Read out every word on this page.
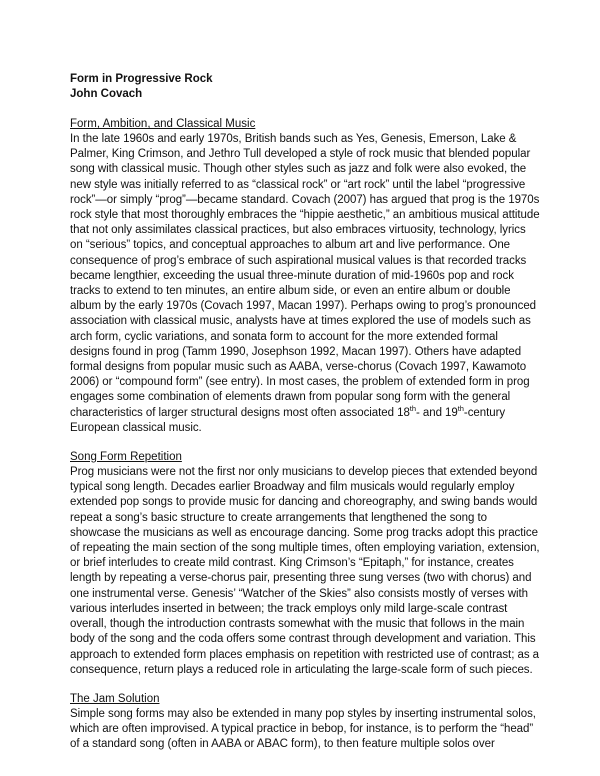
Form in Progressive Rock

John Covach

Form, Ambition, and Classical Music

In the late 1960s and early 1970s, British bands such as Yes, Genesis, Emerson, Lake & Palmer, King Crimson, and Jethro Tull developed a style of rock music that blended popular song with classical music. Though other styles such as jazz and folk were also evoked, the new style was initially referred to as “classical rock” or “art rock” until the label “progressive rock”—or simply “prog”—became standard. Covach (2007) has argued that prog is the 1970s rock style that most thoroughly embraces the “hippie aesthetic,” an ambitious musical attitude that not only assimilates classical practices, but also embraces virtuosity, technology, lyrics on “serious” topics, and conceptual approaches to album art and live performance. One consequence of prog’s embrace of such aspirational musical values is that recorded tracks became lengthier, exceeding the usual three-minute duration of mid-1960s pop and rock tracks to extend to ten minutes, an entire album side, or even an entire album or double album by the early 1970s (Covach 1997, Macan 1997). Perhaps owing to prog’s pronounced association with classical music, analysts have at times explored the use of models such as arch form, cyclic variations, and sonata form to account for the more extended formal designs found in prog (Tamm 1990, Josephson 1992, Macan 1997). Others have adapted formal designs from popular music such as AABA, verse-chorus (Covach 1997, Kawamoto 2006) or “compound form” (see entry). In most cases, the problem of extended form in prog engages some combination of elements drawn from popular song form with the general characteristics of larger structural designs most often associated 18th- and 19th-century European classical music.

Song Form Repetition

Prog musicians were not the first nor only musicians to develop pieces that extended beyond typical song length. Decades earlier Broadway and film musicals would regularly employ extended pop songs to provide music for dancing and choreography, and swing bands would repeat a song’s basic structure to create arrangements that lengthened the song to showcase the musicians as well as encourage dancing. Some prog tracks adopt this practice of repeating the main section of the song multiple times, often employing variation, extension, or brief interludes to create mild contrast. King Crimson’s “Epitaph,” for instance, creates length by repeating a verse-chorus pair, presenting three sung verses (two with chorus) and one instrumental verse. Genesis’ “Watcher of the Skies” also consists mostly of verses with various interludes inserted in between; the track employs only mild large-scale contrast overall, though the introduction contrasts somewhat with the music that follows in the main body of the song and the coda offers some contrast through development and variation. This approach to extended form places emphasis on repetition with restricted use of contrast; as a consequence, return plays a reduced role in articulating the large-scale form of such pieces.

The Jam Solution

Simple song forms may also be extended in many pop styles by inserting instrumental solos, which are often improvised. A typical practice in bebop, for instance, is to perform the “head” of a standard song (often in AABA or ABAC form), to then feature multiple solos over
